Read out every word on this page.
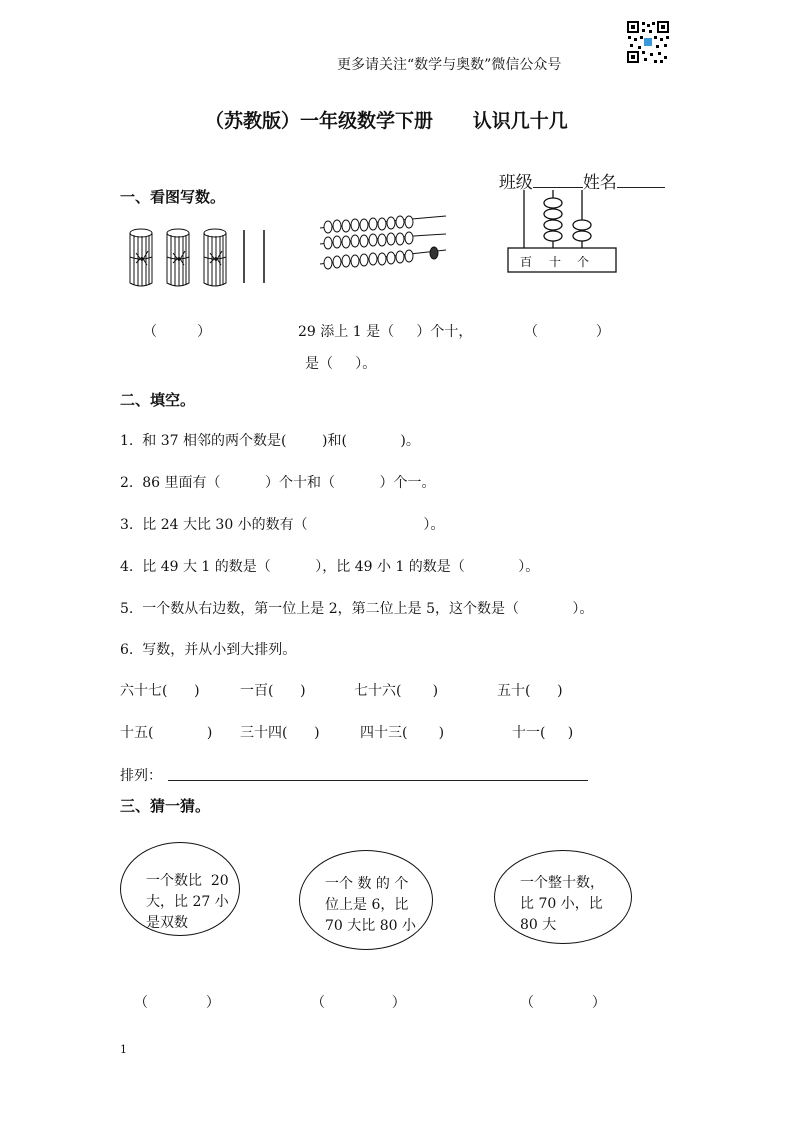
更多请关注“数学与奥数”微信公众号
（苏教版）一年级数学下册      认识几十几

班级	姓名

一、看图写数。
百 十 个
（         ）	29 添上 1 是（     ）个十，
是（     ）。
（             ）
二、填空。
1.  和 37 相邻的两个数是(        )和(            )。
2.  86 里面有（          ）个十和（          ）个一。
3.  比 24 大比 30 小的数有（                          ）。
4.  比 49 大 1 的数是（          ），比 49 小 1 的数是（            ）。
5.  一个数从右边数，第一位上是 2，第二位上是 5，这个数是（            ）。
6.  写数，并从小到大排列。
六十七(      )	一百(      )	七十六(       )	五十(      )
十五(            ) 三十四(      )	四十三(       )	十一(     )
排列：
三、猜一猜。
一个数比  20
大，比 27 小
是双数
一个 数 的 个
位上是 6，比
70 大比 80 小
一个整十数，
比 70 小，比
80 大
（             ）	（               ）	（             ）
1
